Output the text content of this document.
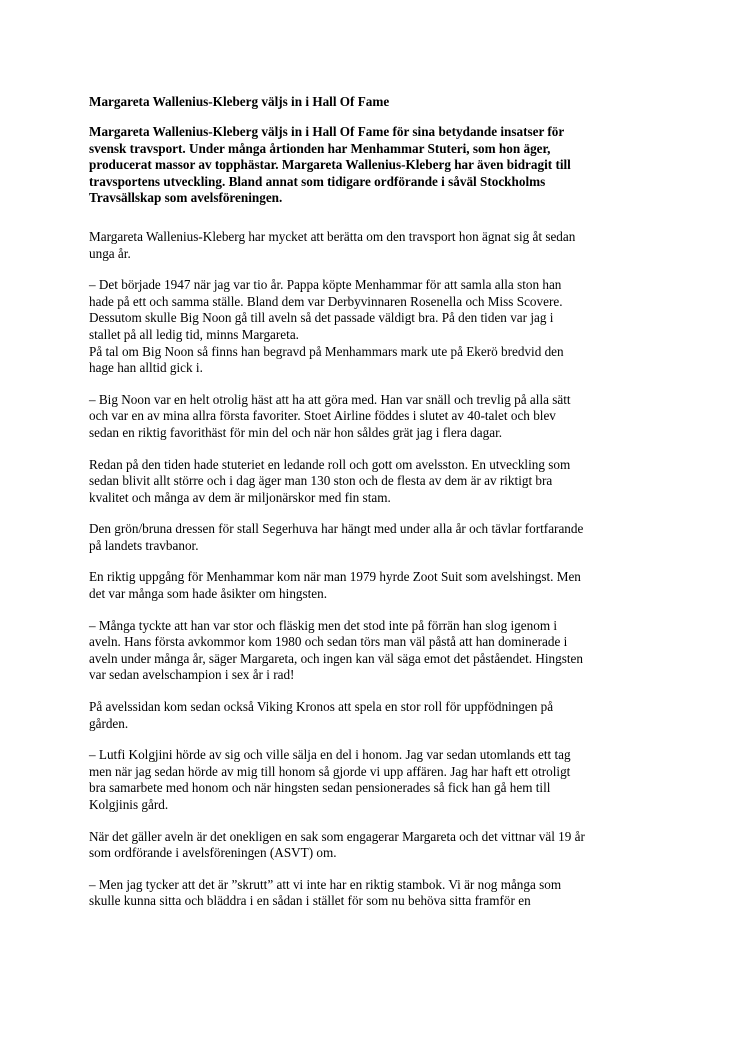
Margareta Wallenius-Kleberg väljs in i Hall Of Fame
Margareta Wallenius-Kleberg väljs in i Hall Of Fame för sina betydande insatser för
svensk travsport. Under många årtionden har Menhammar Stuteri, som hon äger,
producerat massor av topphästar. Margareta Wallenius-Kleberg har även bidragit till
travsportens utveckling. Bland annat som tidigare ordförande i såväl Stockholms
Travsällskap som avelsföreningen.
Margareta Wallenius-Kleberg har mycket att berätta om den travsport hon ägnat sig åt sedan
unga år.
– Det började 1947 när jag var tio år. Pappa köpte Menhammar för att samla alla ston han
hade på ett och samma ställe. Bland dem var Derbyvinnaren Rosenella och Miss Scovere.
Dessutom skulle Big Noon gå till aveln så det passade väldigt bra. På den tiden var jag i
stallet på all ledig tid, minns Margareta.
På tal om Big Noon så finns han begravd på Menhammars mark ute på Ekerö bredvid den
hage han alltid gick i.
– Big Noon var en helt otrolig häst att ha att göra med. Han var snäll och trevlig på alla sätt
och var en av mina allra första favoriter. Stoet Airline föddes i slutet av 40-talet och blev
sedan en riktig favorithäst för min del och när hon såldes grät jag i flera dagar.
Redan på den tiden hade stuteriet en ledande roll och gott om avelsston. En utveckling som
sedan blivit allt större och i dag äger man 130 ston och de flesta av dem är av riktigt bra
kvalitet och många av dem är miljonärskor med fin stam.
Den grön/bruna dressen för stall Segerhuva har hängt med under alla år och tävlar fortfarande
på landets travbanor.
En riktig uppgång för Menhammar kom när man 1979 hyrde Zoot Suit som avelshingst. Men
det var många som hade åsikter om hingsten.
– Många tyckte att han var stor och fläskig men det stod inte på förrän han slog igenom i
aveln. Hans första avkommor kom 1980 och sedan törs man väl påstå att han dominerade i
aveln under många år, säger Margareta, och ingen kan väl säga emot det påståendet. Hingsten
var sedan avelschampion i sex år i rad!
På avelssidan kom sedan också Viking Kronos att spela en stor roll för uppfödningen på
gården.
– Lutfi Kolgjini hörde av sig och ville sälja en del i honom. Jag var sedan utomlands ett tag
men när jag sedan hörde av mig till honom så gjorde vi upp affären. Jag har haft ett otroligt
bra samarbete med honom och när hingsten sedan pensionerades så fick han gå hem till
Kolgjinis gård.
När det gäller aveln är det onekligen en sak som engagerar Margareta och det vittnar väl 19 år
som ordförande i avelsföreningen (ASVT) om.
– Men jag tycker att det är ”skrutt” att vi inte har en riktig stambok. Vi är nog många som
skulle kunna sitta och bläddra i en sådan i stället för som nu behöva sitta framför en
